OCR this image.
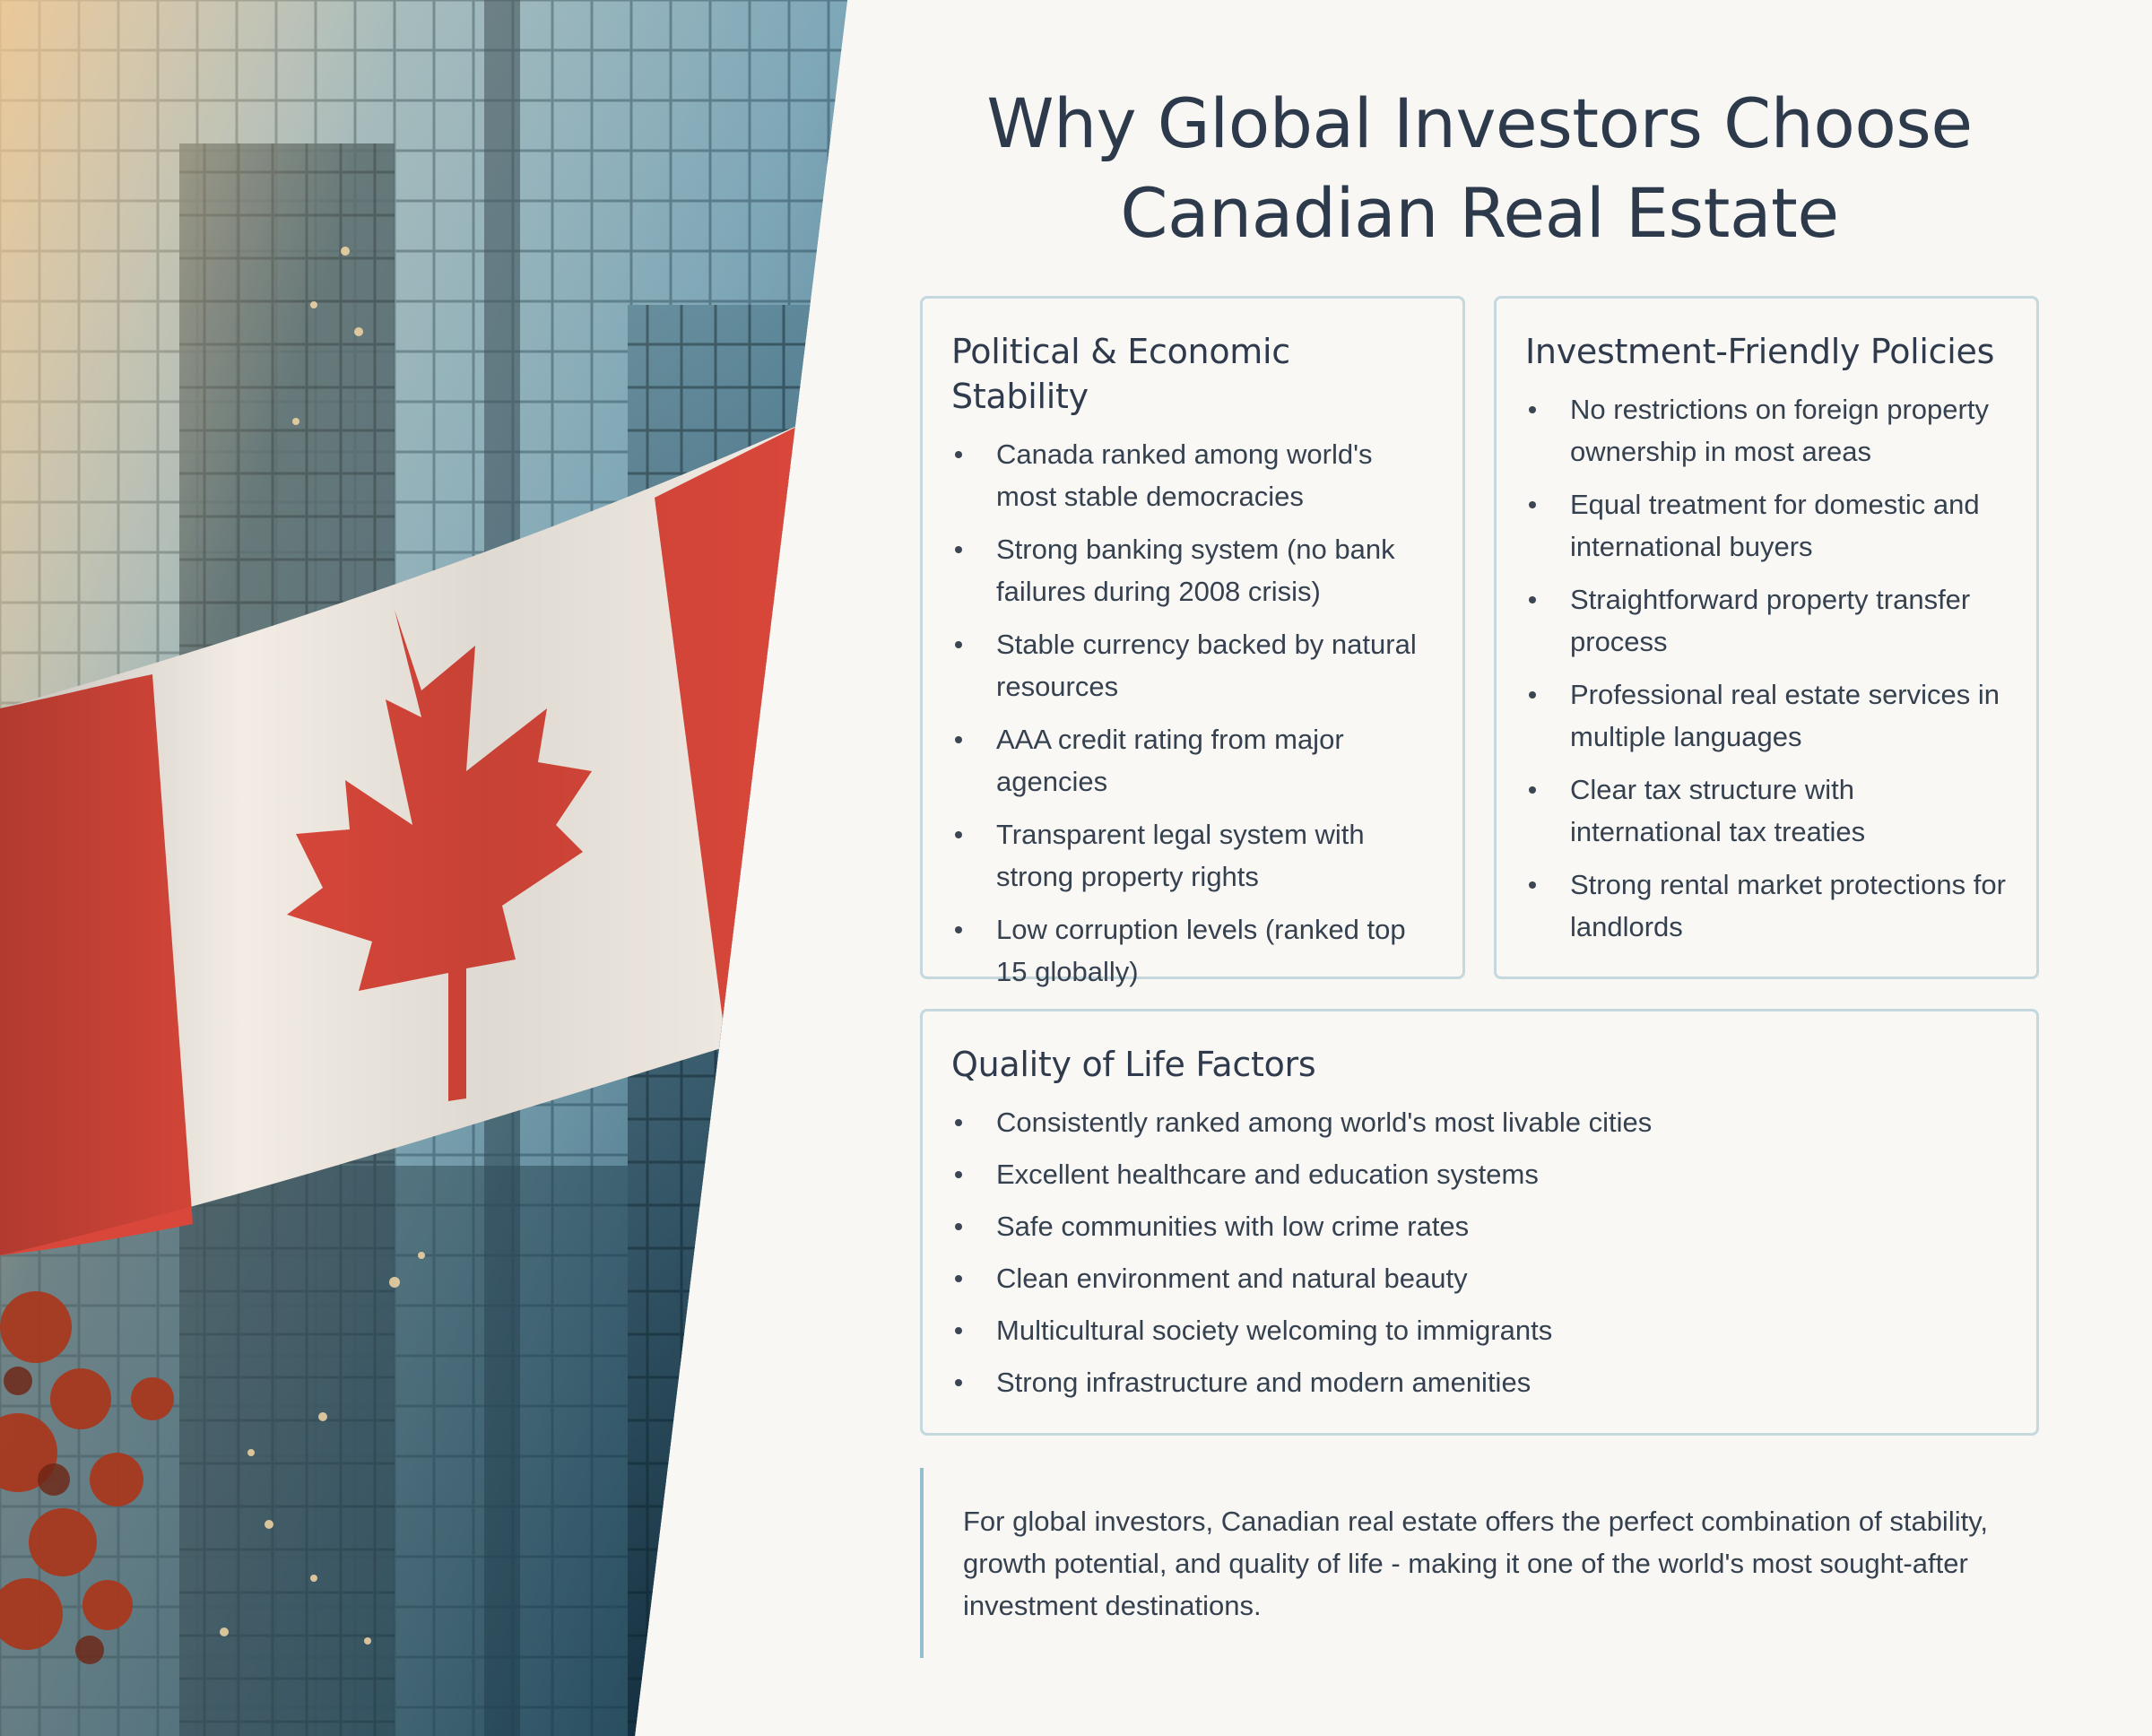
Why Global Investors Choose
Canadian Real Estate
Political & Economic Stability
Canada ranked among world's most stable democracies
Strong banking system (no bank failures during 2008 crisis)
Stable currency backed by natural resources
AAA credit rating from major agencies
Transparent legal system with strong property rights
Low corruption levels (ranked top 15 globally)
Investment-Friendly Policies
No restrictions on foreign property ownership in most areas
Equal treatment for domestic and international buyers
Straightforward property transfer process
Professional real estate services in multiple languages
Clear tax structure with international tax treaties
Strong rental market protections for landlords
Quality of Life Factors
Consistently ranked among world's most livable cities
Excellent healthcare and education systems
Safe communities with low crime rates
Clean environment and natural beauty
Multicultural society welcoming to immigrants
Strong infrastructure and modern amenities

For global investors, Canadian real estate offers the perfect combination of stability, growth potential, and quality of life - making it one of the world's most sought-after investment destinations.
